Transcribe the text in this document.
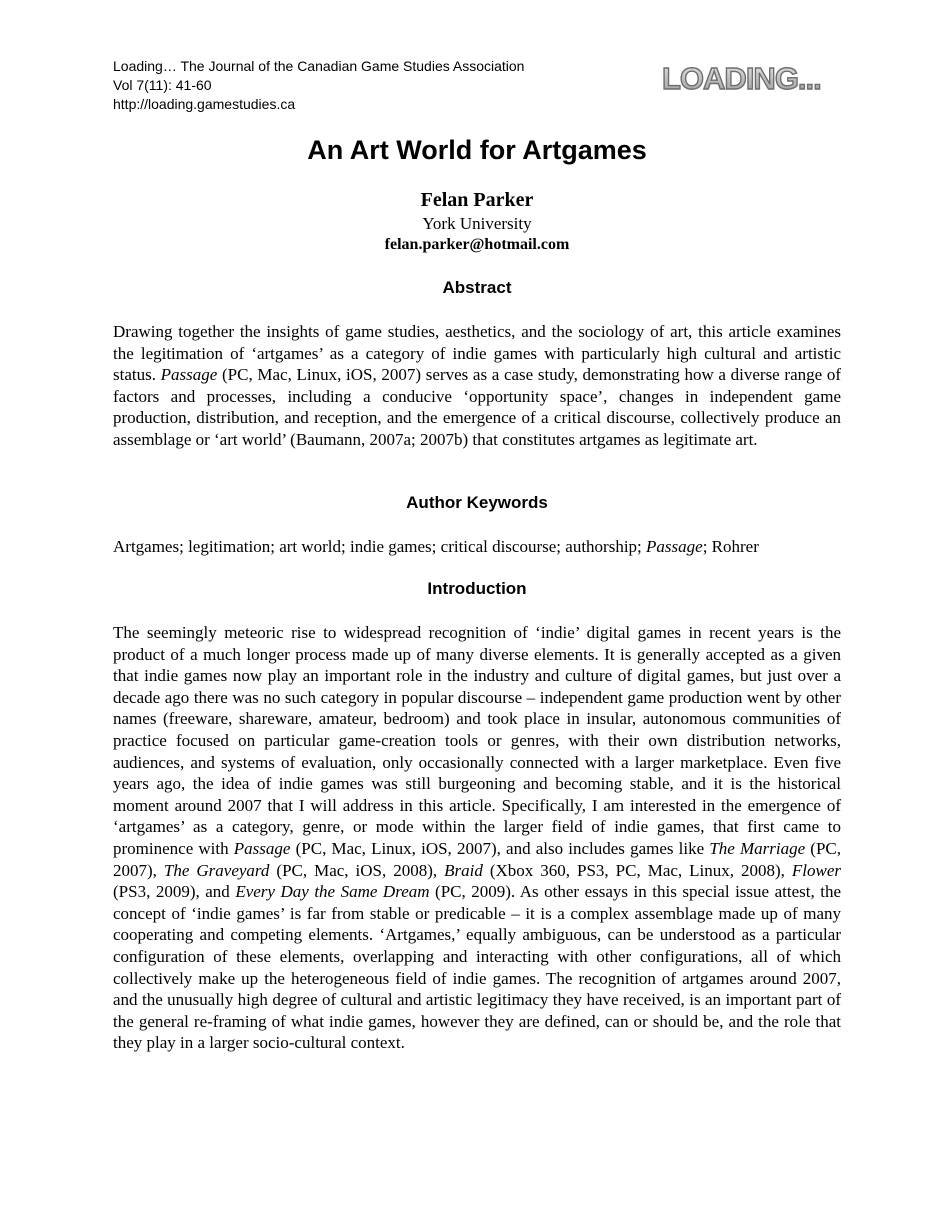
Loading… The Journal of the Canadian Game Studies Association
Vol 7(11): 41-60
http://loading.gamestudies.ca
LOADING...
An Art World for Artgames
Felan Parker
York University
felan.parker@hotmail.com
Abstract
Author Keywords
Introduction

Drawing together the insights of game studies, aesthetics, and the sociology of art, this article examines the legitimation of ‘artgames’ as a category of indie games with particularly high cultural and artistic status. Passage (PC, Mac, Linux, iOS, 2007) serves as a case study, demonstrating how a diverse range of factors and processes, including a conducive ‘opportunity space’, changes in independent game production, distribution, and reception, and the emergence of a critical discourse, collectively produce an assemblage or ‘art world’ (Baumann, 2007a; 2007b) that constitutes artgames as legitimate art.

Artgames; legitimation; art world; indie games; critical discourse; authorship; Passage; Rohrer

The seemingly meteoric rise to widespread recognition of ‘indie’ digital games in recent years is the product of a much longer process made up of many diverse elements. It is generally accepted as a given that indie games now play an important role in the industry and culture of digital games, but just over a decade ago there was no such category in popular discourse – independent game production went by other names (freeware, shareware, amateur, bedroom) and took place in insular, autonomous communities of practice focused on particular game-creation tools or genres, with their own distribution networks, audiences, and systems of evaluation, only occasionally connected with a larger marketplace. Even five years ago, the idea of indie games was still burgeoning and becoming stable, and it is the historical moment around 2007 that I will address in this article. Specifically, I am interested in the emergence of ‘artgames’ as a category, genre, or mode within the larger field of indie games, that first came to prominence with Passage (PC, Mac, Linux, iOS, 2007), and also includes games like The Marriage (PC, 2007), The Graveyard (PC, Mac, iOS, 2008), Braid (Xbox 360, PS3, PC, Mac, Linux, 2008), Flower (PS3, 2009), and Every Day the Same Dream (PC, 2009). As other essays in this special issue attest, the concept of ‘indie games’ is far from stable or predicable – it is a complex assemblage made up of many cooperating and competing elements. ‘Artgames,’ equally ambiguous, can be understood as a particular configuration of these elements, overlapping and interacting with other configurations, all of which collectively make up the heterogeneous field of indie games. The recognition of artgames around 2007, and the unusually high degree of cultural and artistic legitimacy they have received, is an important part of the general re-framing of what indie games, however they are defined, can or should be, and the role that they play in a larger socio-cultural context.
